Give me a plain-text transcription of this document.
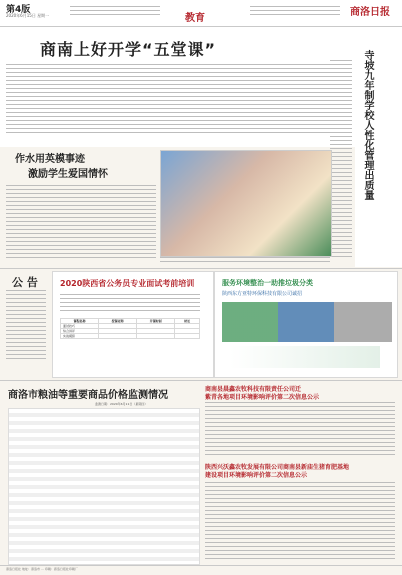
第4版
2020年6月15日 星期一	教育
商洛日报
商南上好开学“五堂课”
寺坡九年制学校人性化管理出质量
作水用英模事迹
激励学生爱国情怀
公 告	2020陕西省公务员专业面试考前培训
课程名称	授课老师	开课时间	时长
面试技巧			
综合讲评			
实战模拟			
服务环境整治一助推垃圾分类
陕西东方亚特环保科技有限公司诚招
商洛市粮油等重要商品价格监测情况
监测日期：2020年6月11日（星期四）
商南县晨鑫农牧科技有限责任公司迁
紫青各地项目环境影响评价第二次信息公示
陕西兴沃鑫农牧发展有限公司商南县新庙生猪育肥基地
建设项目环境影响评价第二次信息公示
商洛日报社 地址：商洛市 … 印刷：商洛日报社印刷厂
